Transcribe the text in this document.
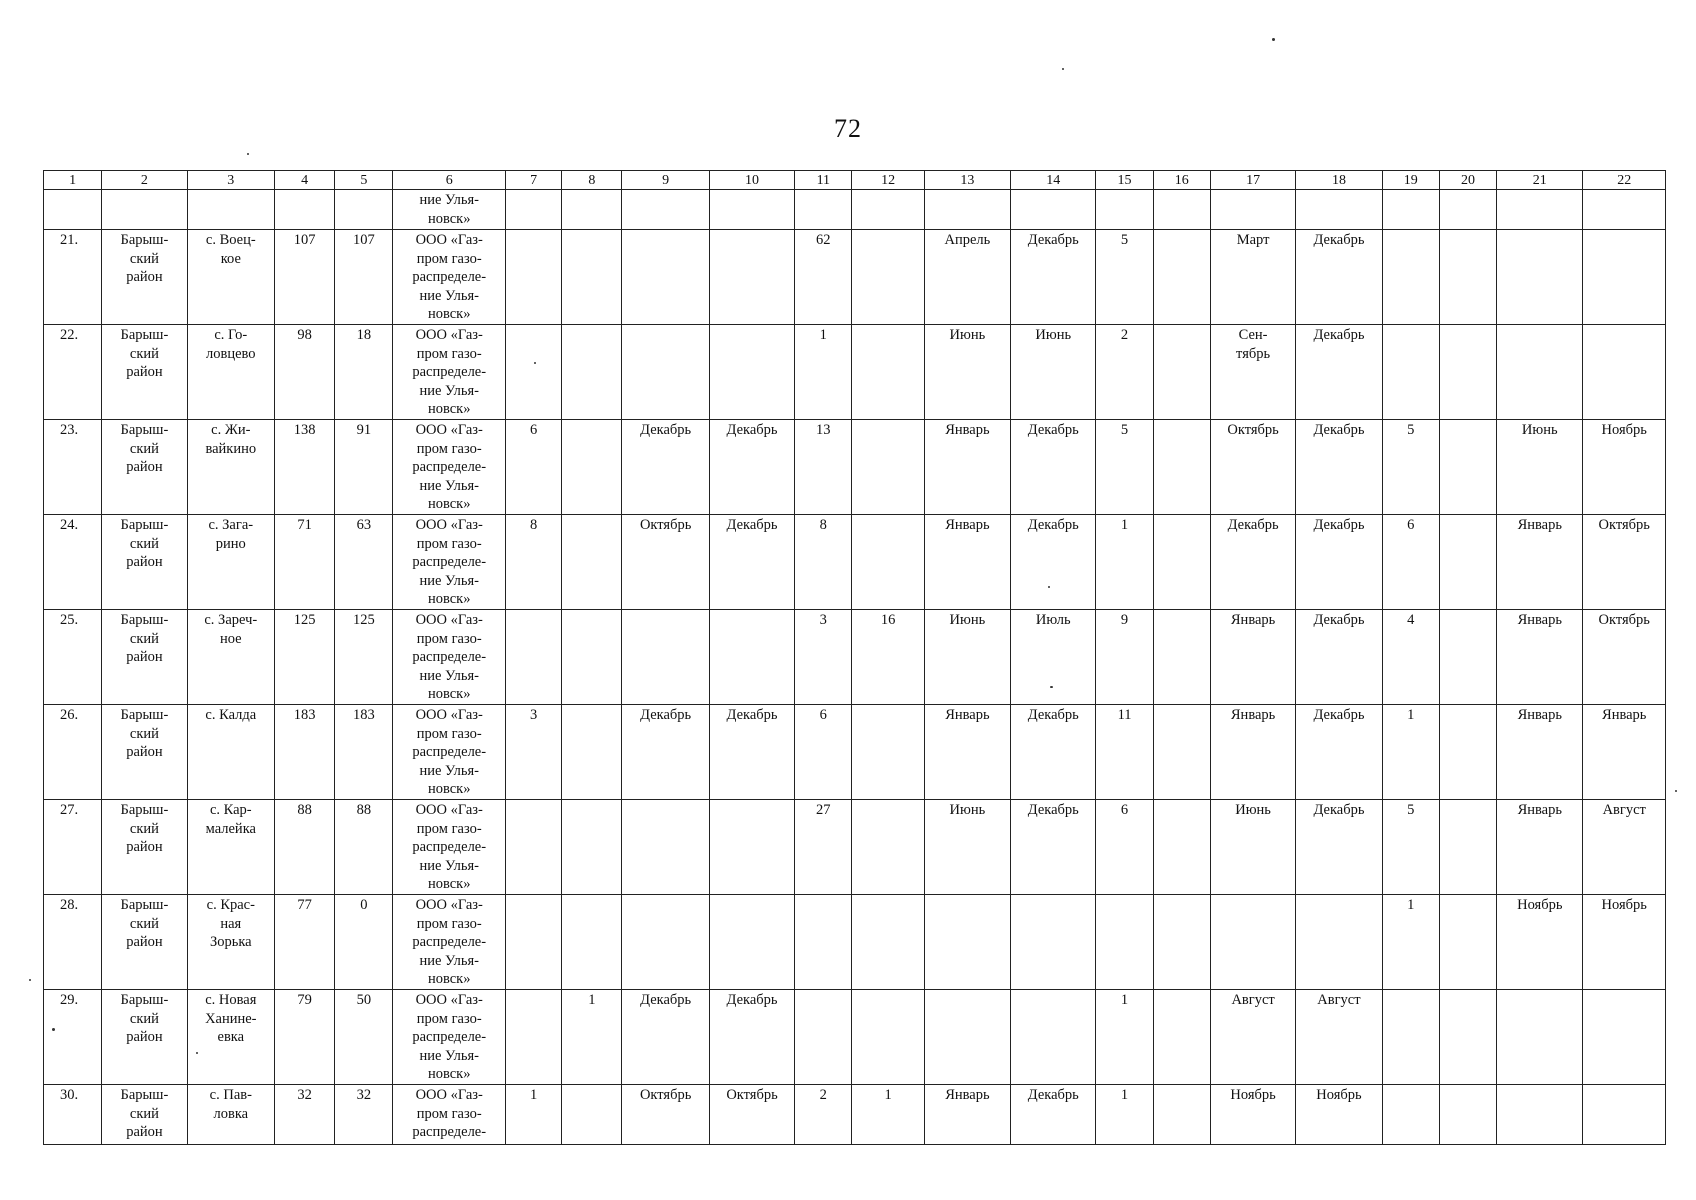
72
1	2	3	4	5	6	7	8	9	10	11	12	13	14	15	16	17	18	19	20	21	22

					ние Улья-
новск»																

21.	Барыш-
ский
район	с. Воец-
кое	107	107	ООО «Газ-
пром газо-
распределе-
ние Улья-
новск»					62		Апрель	Декабрь	5		Март	Декабрь				
22.	Барыш-
ский
район	с. Го-
ловцево	98	18	ООО «Газ-
пром газо-
распределе-
ние Улья-
новск»					1		Июнь	Июнь	2		Сен-
тябрь	Декабрь				
23.	Барыш-
ский
район	с. Жи-
вайкино	138	91	ООО «Газ-
пром газо-
распределе-
ние Улья-
новск»	6		Декабрь	Декабрь	13		Январь	Декабрь	5		Октябрь	Декабрь	5		Июнь	Ноябрь
24.	Барыш-
ский
район	с. Зага-
рино	71	63	ООО «Газ-
пром газо-
распределе-
ние Улья-
новск»	8		Октябрь	Декабрь	8		Январь	Декабрь	1		Декабрь	Декабрь	6		Январь	Октябрь
25.	Барыш-
ский
район	с. Зареч-
ное	125	125	ООО «Газ-
пром газо-
распределе-
ние Улья-
новск»					3	16	Июнь	Июль	9		Январь	Декабрь	4		Январь	Октябрь
26.	Барыш-
ский
район	с. Калда	183	183	ООО «Газ-
пром газо-
распределе-
ние Улья-
новск»	3		Декабрь	Декабрь	6		Январь	Декабрь	11		Январь	Декабрь	1		Январь	Январь
27.	Барыш-
ский
район	с. Кар-
малейка	88	88	ООО «Газ-
пром газо-
распределе-
ние Улья-
новск»					27		Июнь	Декабрь	6		Июнь	Декабрь	5		Январь	Август
28.	Барыш-
ский
район	с. Крас-
ная
Зорька	77	0	ООО «Газ-
пром газо-
распределе-
ние Улья-
новск»													1		Ноябрь	Ноябрь
29.	Барыш-
ский
район	с. Новая
Ханине-
евка	79	50	ООО «Газ-
пром газо-
распределе-
ние Улья-
новск»		1	Декабрь	Декабрь					1		Август	Август				
30.	Барыш-
ский
район	с. Пав-
ловка	32	32	ООО «Газ-
пром газо-
распределе-	1		Октябрь	Октябрь	2	1	Январь	Декабрь	1		Ноябрь	Ноябрь				
